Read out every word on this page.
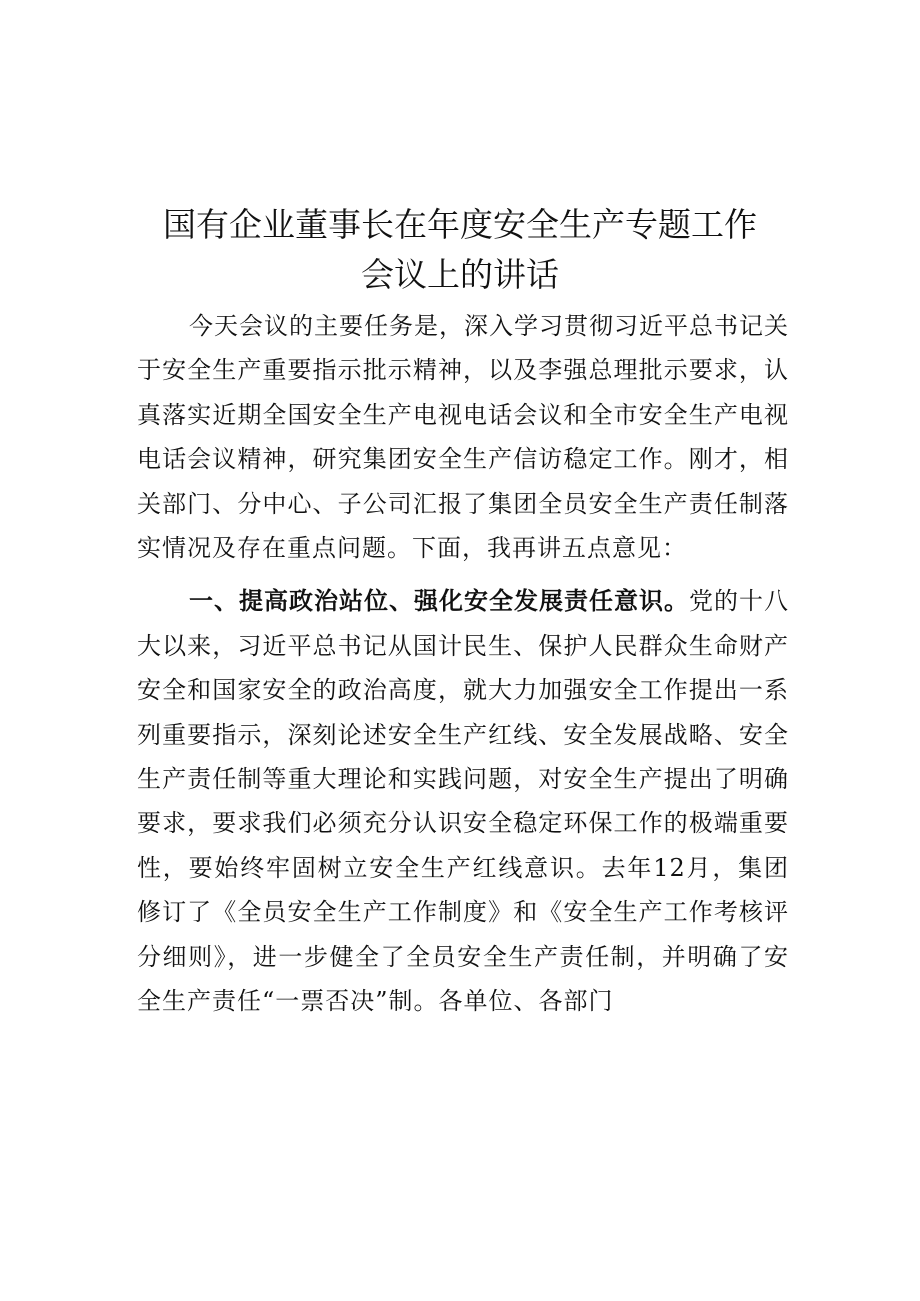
国有企业董事长在年度安全生产专题工作
会议上的讲话

今天会议的主要任务是，深入学习贯彻习近平总书记关于安全生产重要指示批示精神，以及李强总理批示要求，认真落实近期全国安全生产电视电话会议和全市安全生产电视电话会议精神，研究集团安全生产信访稳定工作。刚才，相关部门、分中心、子公司汇报了集团全员安全生产责任制落实情况及存在重点问题。下面，我再讲五点意见：

一、提高政治站位、强化安全发展责任意识。党的十八大以来，习近平总书记从国计民生、保护人民群众生命财产安全和国家安全的政治高度，就大力加强安全工作提出一系列重要指示，深刻论述安全生产红线、安全发展战略、安全生产责任制等重大理论和实践问题，对安全生产提出了明确要求，要求我们必须充分认识安全稳定环保工作的极端重要性，要始终牢固树立安全生产红线意识。去年12月，集团修订了《全员安全生产工作制度》和《安全生产工作考核评分细则》，进一步健全了全员安全生产责任制，并明确了安全生产责任“一票否决”制。各单位、各部门
